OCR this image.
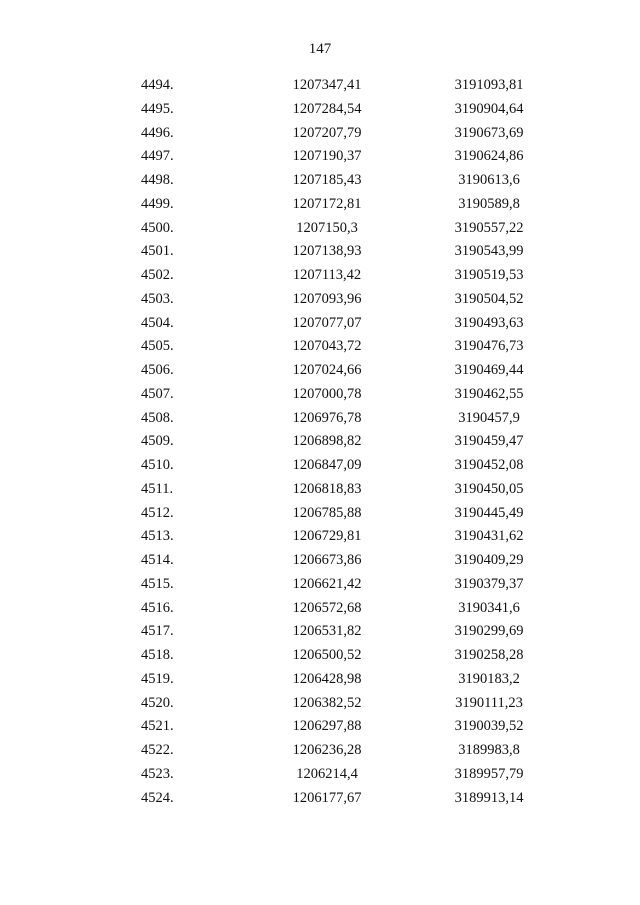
147
4494.	1207347,41	3191093,81
4495.	1207284,54	3190904,64
4496.	1207207,79	3190673,69
4497.	1207190,37	3190624,86
4498.	1207185,43	3190613,6
4499.	1207172,81	3190589,8
4500.	1207150,3	3190557,22
4501.	1207138,93	3190543,99
4502.	1207113,42	3190519,53
4503.	1207093,96	3190504,52
4504.	1207077,07	3190493,63
4505.	1207043,72	3190476,73
4506.	1207024,66	3190469,44
4507.	1207000,78	3190462,55
4508.	1206976,78	3190457,9
4509.	1206898,82	3190459,47
4510.	1206847,09	3190452,08
4511.	1206818,83	3190450,05
4512.	1206785,88	3190445,49
4513.	1206729,81	3190431,62
4514.	1206673,86	3190409,29
4515.	1206621,42	3190379,37
4516.	1206572,68	3190341,6
4517.	1206531,82	3190299,69
4518.	1206500,52	3190258,28
4519.	1206428,98	3190183,2
4520.	1206382,52	3190111,23
4521.	1206297,88	3190039,52
4522.	1206236,28	3189983,8
4523.	1206214,4	3189957,79
4524.	1206177,67	3189913,14
